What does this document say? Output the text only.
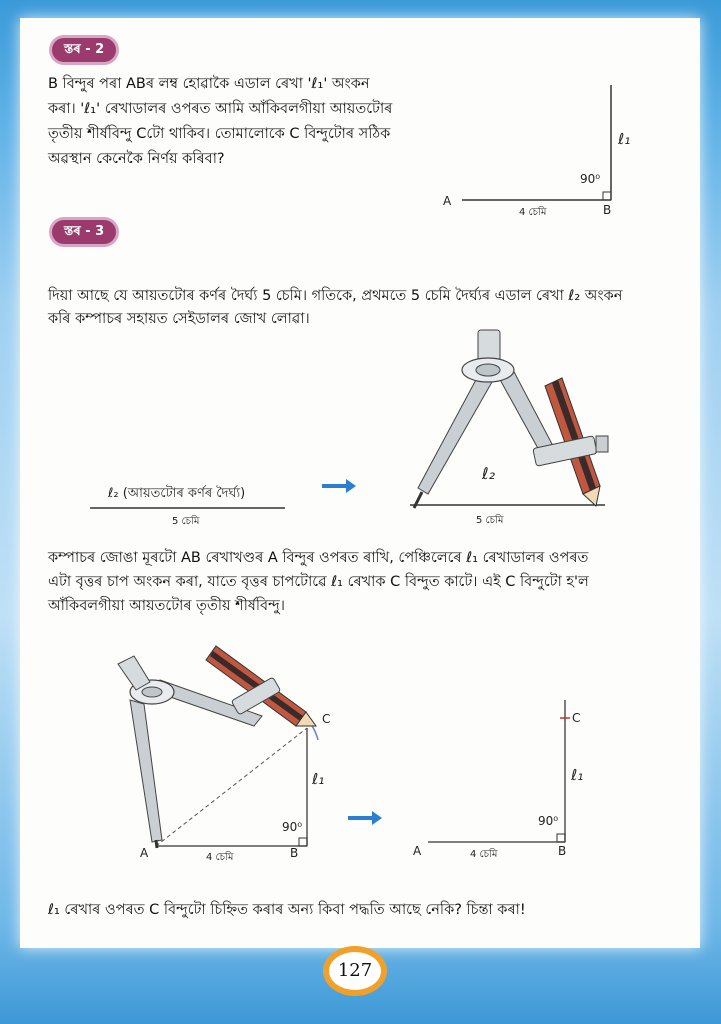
স্তৰ - 2
B বিন্দুৰ পৰা ABৰ লম্ব হোৱাকৈ এডাল ৰেখা 'ℓ₁' অংকন
কৰা। 'ℓ₁' ৰেখাডালৰ ওপৰত আমি আঁকিবলগীয়া আয়তটোৰ
তৃতীয় শীৰ্ষবিন্দু Cটো থাকিব। তোমালোকে C বিন্দুটোৰ সঠিক
অৱস্থান কেনেকৈ নিৰ্ণয় কৰিবা?
A
B
ℓ₁
90⁰
4 চেমি
স্তৰ - 3
দিয়া আছে যে আয়তটোৰ কৰ্ণৰ দৈৰ্ঘ্য 5 চেমি। গতিকে, প্ৰথমতে 5 চেমি দৈৰ্ঘ্যৰ এডাল ৰেখা ℓ₂ অংকন
কৰি কম্পাচৰ সহায়ত সেইডালৰ জোখ লোৱা।
ℓ₂ (আয়তটোৰ কৰ্ণৰ দৈৰ্ঘ্য)
5 চেমি
ℓ₂
5 চেমি
কম্পাচৰ জোঙা মূৰটো AB ৰেখাখণ্ডৰ A বিন্দুৰ ওপৰত ৰাখি, পেঞ্চিলেৰে ℓ₁ ৰেখাডালৰ ওপৰত
এটা বৃত্তৰ চাপ অংকন কৰা, যাতে বৃত্তৰ চাপটোৱে ℓ₁ ৰেখাক C বিন্দুত কাটে। এই C বিন্দুটো হ'ল
আঁকিবলগীয়া আয়তটোৰ তৃতীয় শীৰ্ষবিন্দু।
A	B
C
ℓ₁
90⁰
4 চেমি	A	B
C
ℓ₁
90⁰
4 চেমি
ℓ₁ ৰেখাৰ ওপৰত C বিন্দুটো চিহ্নিত কৰাৰ অন্য কিবা পদ্ধতি আছে নেকি? চিন্তা কৰা!
127
